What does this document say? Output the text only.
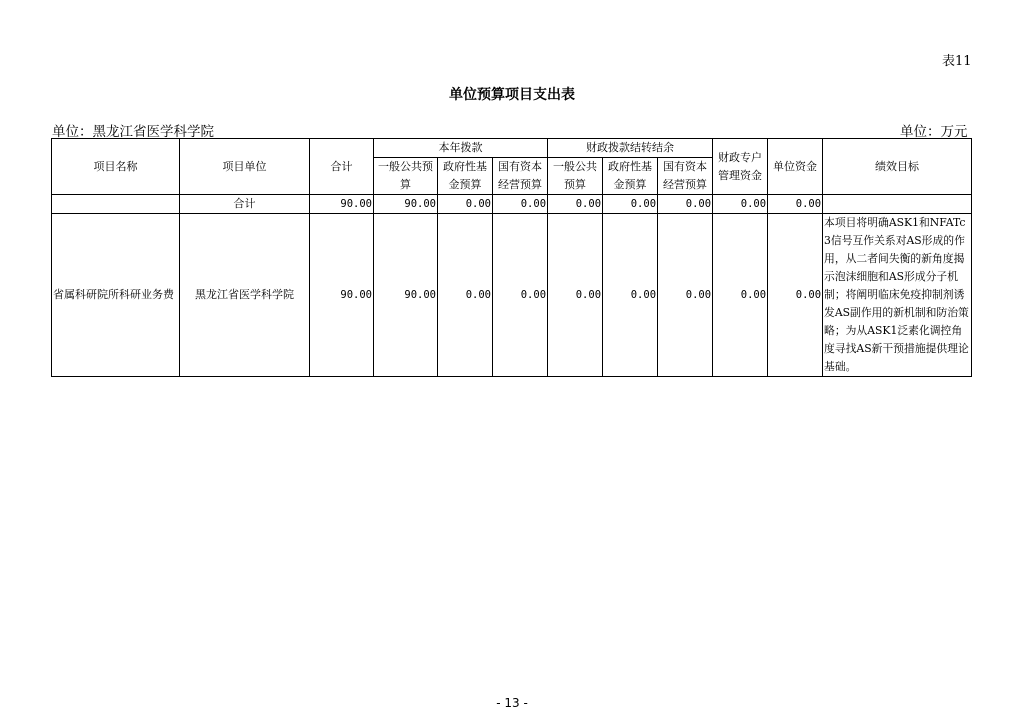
表11
单位预算项目支出表
单位：黑龙江省医学科学院	单位：万元
项目名称	项目单位	合计	本年拨款			财政拨款结转结余			财政专户管理资金	单位资金	绩效目标
			一般公共预算	政府性基金预算	国有资本经营预算	一般公共预算	政府性基金预算	国有资本经营预算			
	合计	90.00	90.00	0.00	0.00	0.00	0.00	0.00	0.00	0.00	
省属科研院所科研业务费	黑龙江省医学科学院	90.00	90.00	0.00	0.00	0.00	0.00	0.00	0.00	0.00	本项目将明确ASK1和NFATc3信号互作关系对AS形成的作用，从二者间失衡的新角度揭示泡沫细胞和AS形成分子机制；将阐明临床免疫抑制剂诱发AS副作用的新机制和防治策略；为从ASK1泛素化调控角度寻找AS新干预措施提供理论基础。
- 13 -
